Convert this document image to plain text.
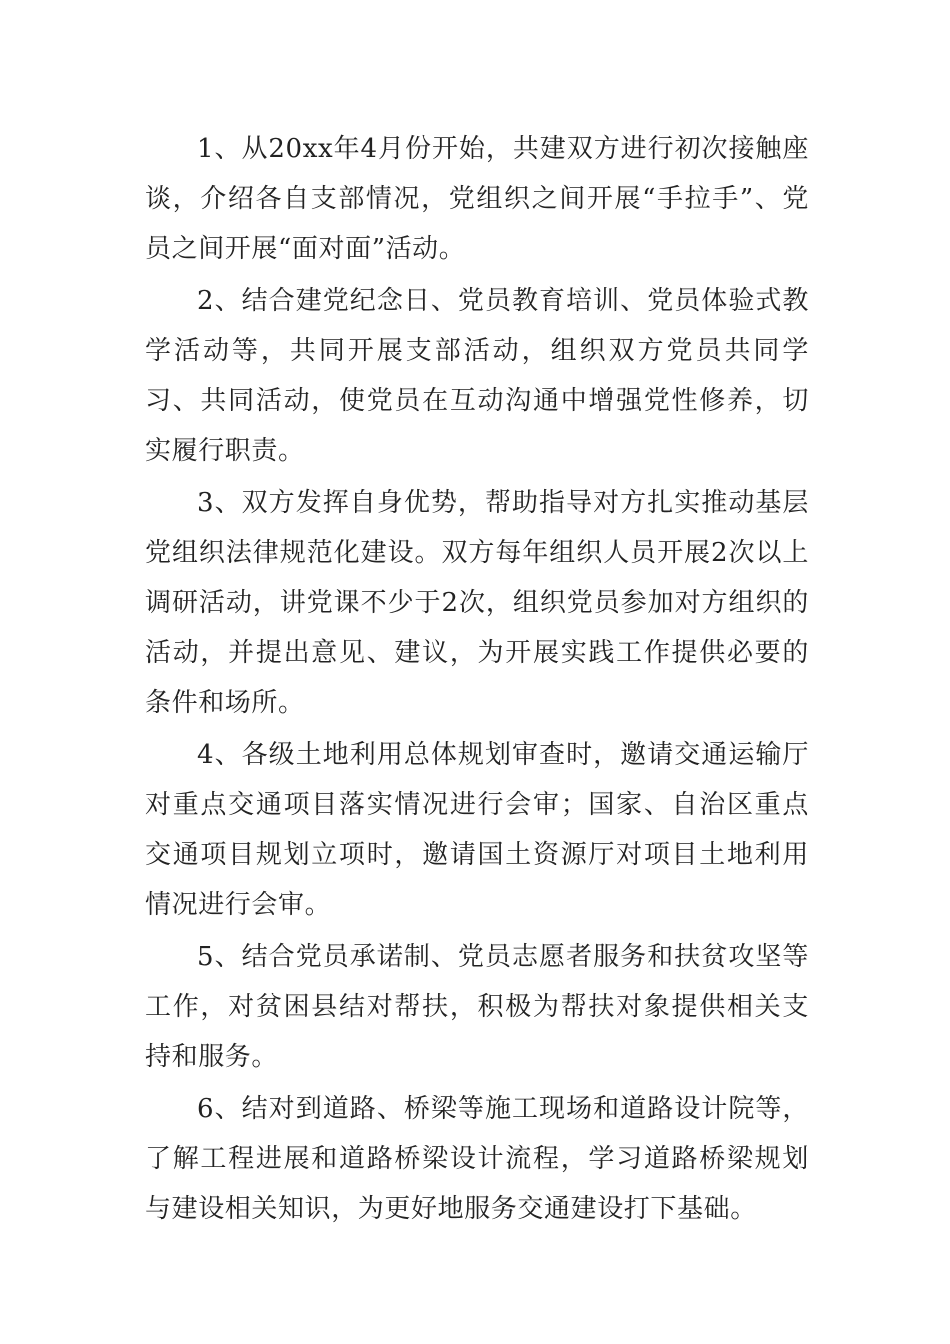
1、从20xx年4月份开始，共建双方进行初次接触座谈，介绍各自支部情况，党组织之间开展“手拉手”、党员之间开展“面对面”活动。

2、结合建党纪念日、党员教育培训、党员体验式教学活动等，共同开展支部活动，组织双方党员共同学习、共同活动，使党员在互动沟通中增强党性修养，切实履行职责。

3、双方发挥自身优势，帮助指导对方扎实推动基层党组织法律规范化建设。双方每年组织人员开展2次以上调研活动，讲党课不少于2次，组织党员参加对方组织的活动，并提出意见、建议，为开展实践工作提供必要的条件和场所。

4、各级土地利用总体规划审查时，邀请交通运输厅对重点交通项目落实情况进行会审；国家、自治区重点交通项目规划立项时，邀请国土资源厅对项目土地利用情况进行会审。

5、结合党员承诺制、党员志愿者服务和扶贫攻坚等工作，对贫困县结对帮扶，积极为帮扶对象提供相关支持和服务。

6、结对到道路、桥梁等施工现场和道路设计院等，了解工程进展和道路桥梁设计流程，学习道路桥梁规划与建设相关知识，为更好地服务交通建设打下基础。
